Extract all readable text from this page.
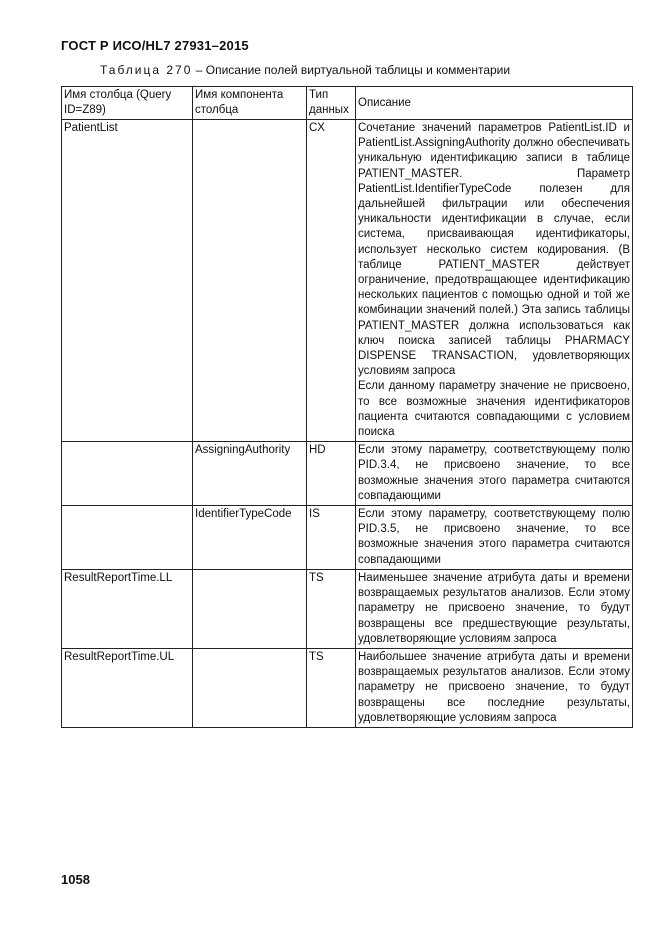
ГОСТ Р ИСО/HL7 27931–2015
Таблица 270 – Описание полей виртуальной таблицы и комментарии
Имя столбца (Query ID=Z89)	Имя компонента столбца	Тип данных	Описание
PatientList		CX	Сочетание значений параметров PatientList.ID и PatientList.AssigningAuthority должно обеспечивать уникальную идентификацию записи в таблице PATIENT_MASTER. Параметр PatientList.IdentifierTypeCode полезен для дальнейшей фильтрации или обеспечения уникальности идентификации в случае, если система, присваивающая идентификаторы, использует несколько систем кодирования. (В таблице PATIENT_MASTER действует ограничение, предотвращающее идентификацию нескольких пациентов с помощью одной и той же комбинации значений полей.) Эта запись таблицы PATIENT_MASTER должна использоваться как ключ поиска записей таблицы PHARMACY DISPENSE TRANSACTION, удовлетворяющих условиям запроса
Если данному параметру значение не присвоено, то все возможные значения идентификаторов пациента считаются совпадающими с условием поиска

	AssigningAuthority	HD	Если этому параметру, соответствующему полю PID.3.4, не присвоено значение, то все возможные значения этого параметра считаются совпадающими
	IdentifierTypeCode	IS	Если этому параметру, соответствующему полю PID.3.5, не присвоено значение, то все возможные значения этого параметра считаются совпадающими
ResultReportTime.LL		TS	Наименьшее значение атрибута даты и времени возвращаемых результатов анализов. Если этому параметру не присвоено значение, то будут возвращены все предшествующие результаты, удовлетворяющие условиям запроса
ResultReportTime.UL		TS	Наибольшее значение атрибута даты и времени возвращаемых результатов анализов. Если этому параметру не присвоено значение, то будут возвращены все последние результаты, удовлетворяющие условиям запроса
1058
